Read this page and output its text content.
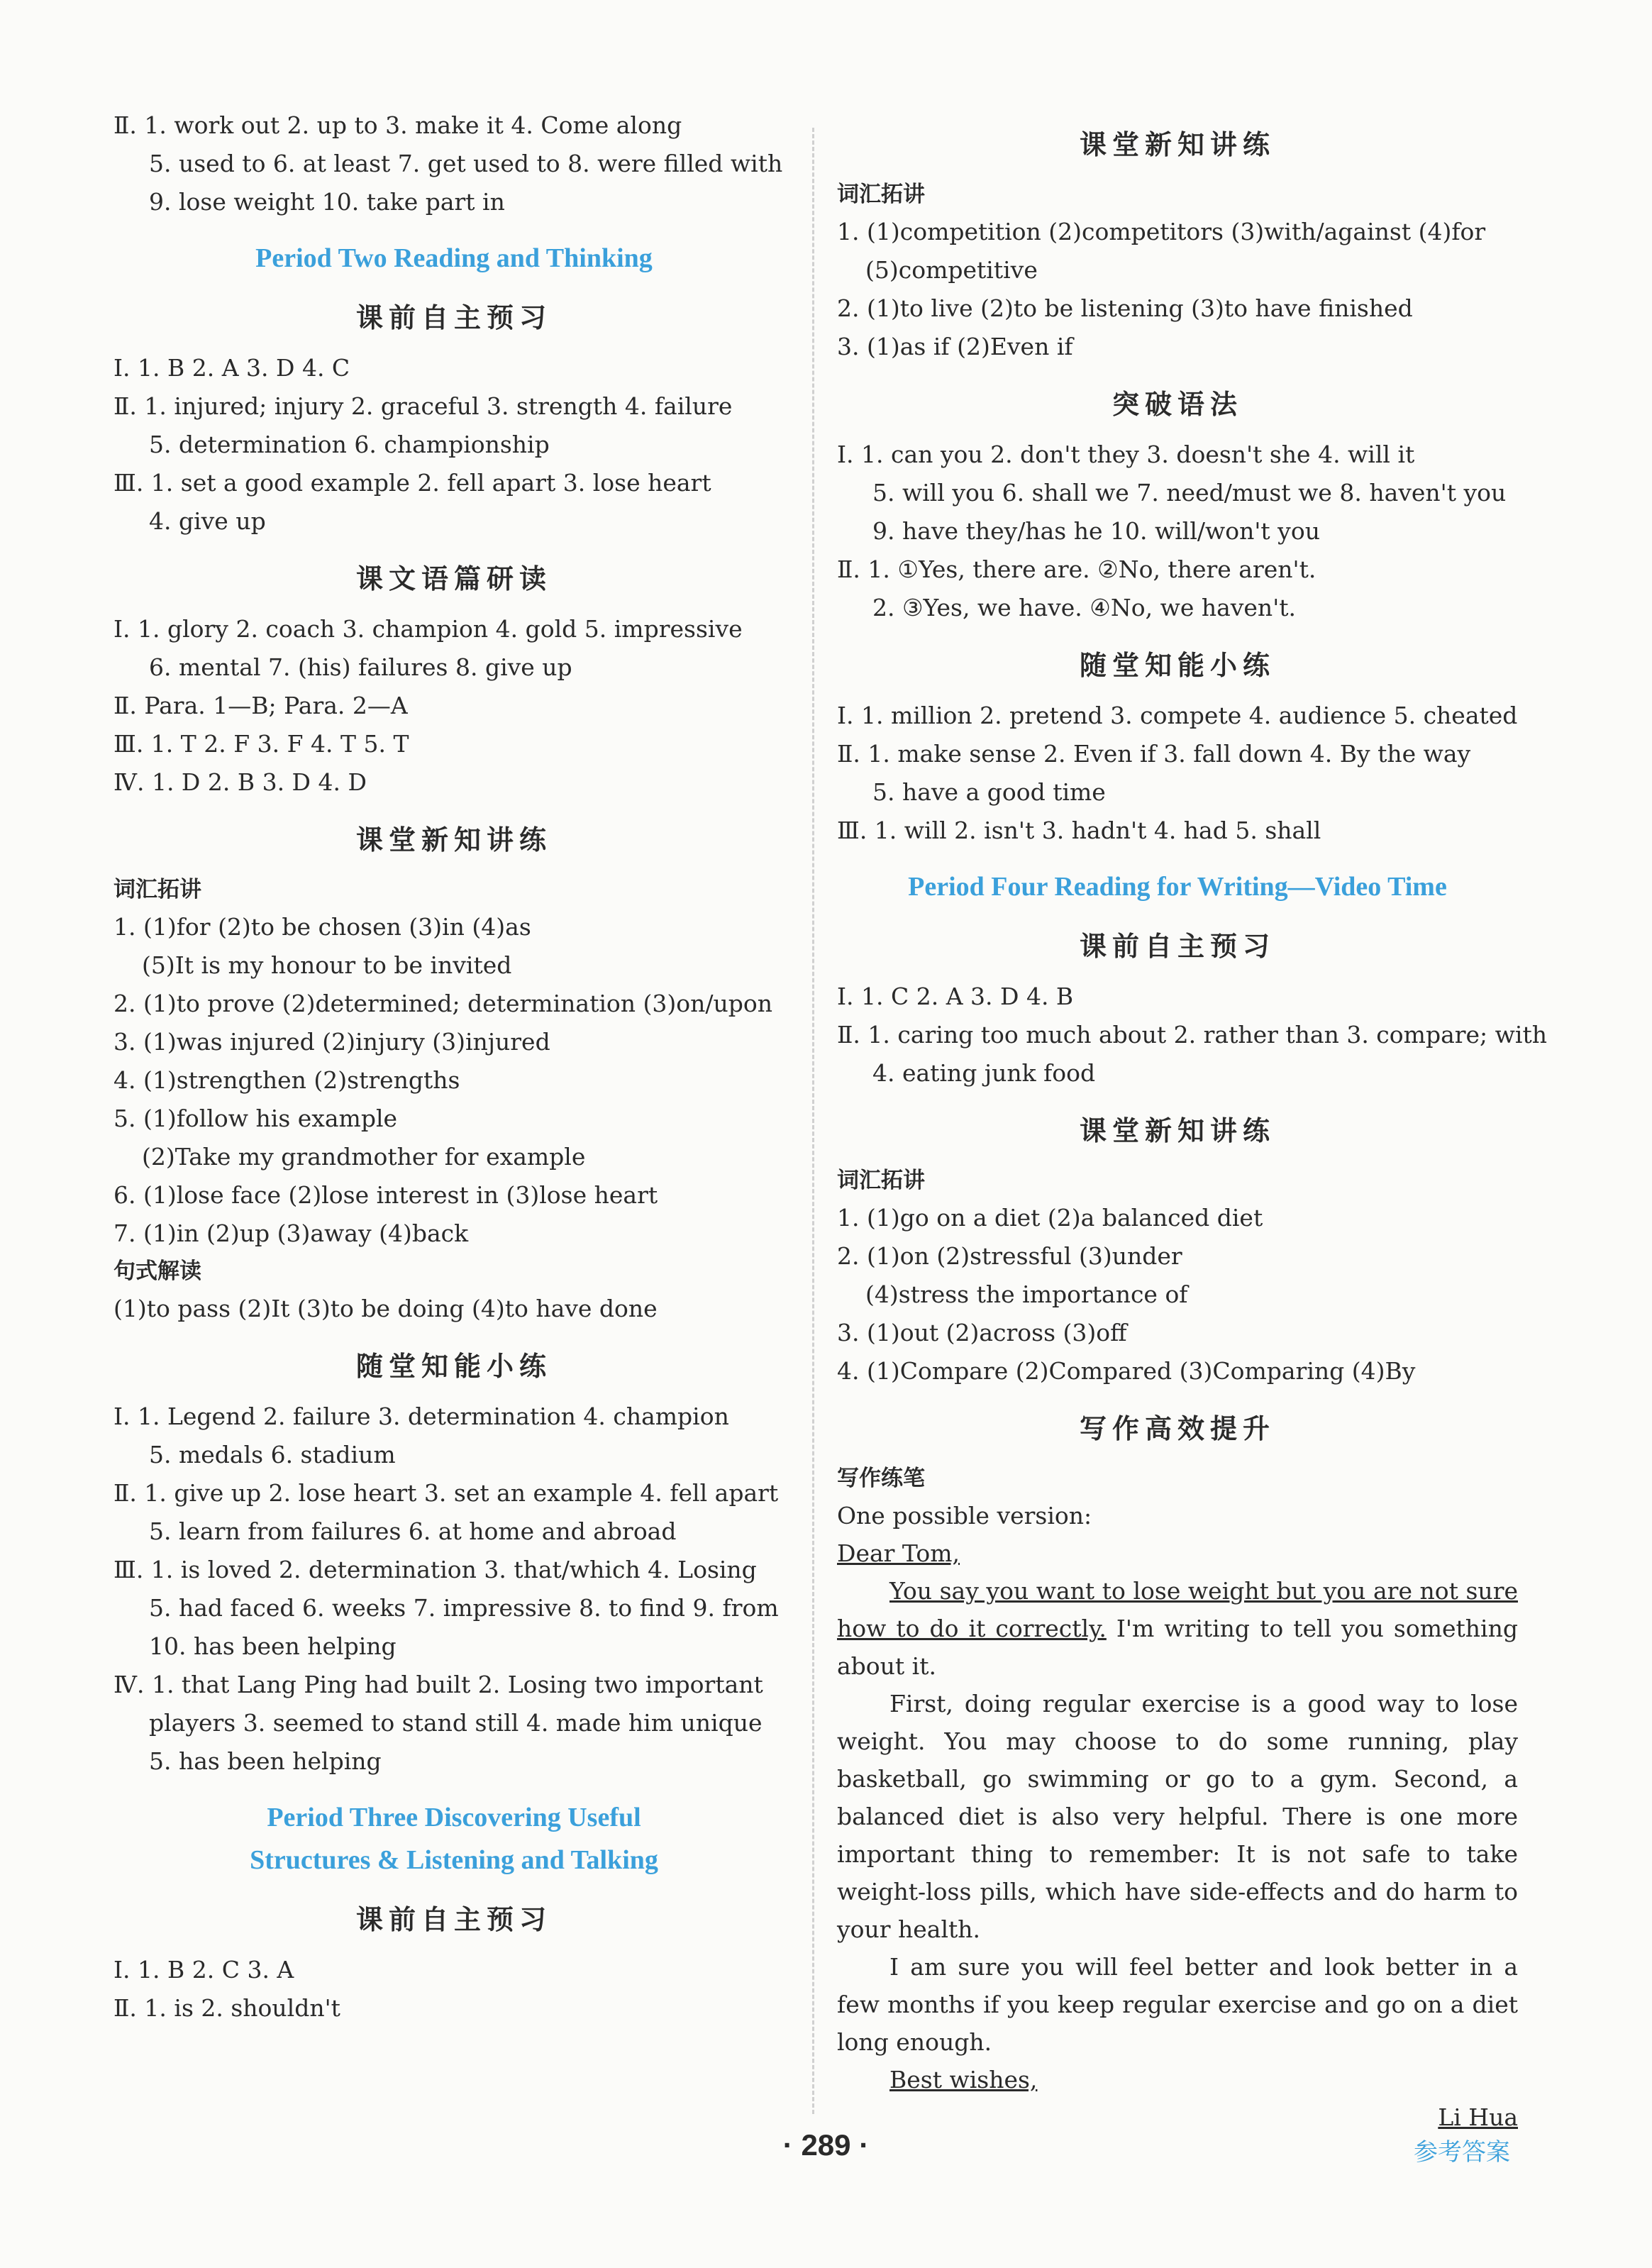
Ⅱ. 1. work out 2. up to 3. make it 4. Come along
5. used to 6. at least 7. get used to 8. were filled with
9. lose weight 10. take part in
Period Two Reading and Thinking
课前自主预习
Ⅰ. 1. B 2. A 3. D 4. C
Ⅱ. 1. injured; injury 2. graceful 3. strength 4. failure
5. determination 6. championship
Ⅲ. 1. set a good example 2. fell apart 3. lose heart
4. give up
课文语篇研读
Ⅰ. 1. glory 2. coach 3. champion 4. gold 5. impressive
6. mental 7. (his) failures 8. give up
Ⅱ. Para. 1—B; Para. 2—A
Ⅲ. 1. T 2. F 3. F 4. T 5. T
Ⅳ. 1. D 2. B 3. D 4. D
课堂新知讲练
词汇拓讲
1. (1)for (2)to be chosen (3)in (4)as
(5)It is my honour to be invited
2. (1)to prove (2)determined; determination (3)on/upon
3. (1)was injured (2)injury (3)injured
4. (1)strengthen (2)strengths
5. (1)follow his example
(2)Take my grandmother for example
6. (1)lose face (2)lose interest in (3)lose heart
7. (1)in (2)up (3)away (4)back
句式解读
(1)to pass (2)It (3)to be doing (4)to have done
随堂知能小练
Ⅰ. 1. Legend 2. failure 3. determination 4. champion
5. medals 6. stadium
Ⅱ. 1. give up 2. lose heart 3. set an example 4. fell apart
5. learn from failures 6. at home and abroad
Ⅲ. 1. is loved 2. determination 3. that/which 4. Losing
5. had faced 6. weeks 7. impressive 8. to find 9. from
10. has been helping
Ⅳ. 1. that Lang Ping had built 2. Losing two important
players 3. seemed to stand still 4. made him unique
5. has been helping
Period Three Discovering Useful
Structures & Listening and Talking
课前自主预习
Ⅰ. 1. B 2. C 3. A
Ⅱ. 1. is 2. shouldn't
课堂新知讲练
词汇拓讲
1. (1)competition (2)competitors (3)with/against (4)for
(5)competitive
2. (1)to live (2)to be listening (3)to have finished
3. (1)as if (2)Even if
突破语法
Ⅰ. 1. can you 2. don't they 3. doesn't she 4. will it
5. will you 6. shall we 7. need/must we 8. haven't you
9. have they/has he 10. will/won't you
Ⅱ. 1. ①Yes, there are. ②No, there aren't.
2. ③Yes, we have. ④No, we haven't.
随堂知能小练
Ⅰ. 1. million 2. pretend 3. compete 4. audience 5. cheated
Ⅱ. 1. make sense 2. Even if 3. fall down 4. By the way
5. have a good time
Ⅲ. 1. will 2. isn't 3. hadn't 4. had 5. shall
Period Four Reading for Writing—Video Time
课前自主预习
Ⅰ. 1. C 2. A 3. D 4. B
Ⅱ. 1. caring too much about 2. rather than 3. compare; with
4. eating junk food
课堂新知讲练
词汇拓讲
1. (1)go on a diet (2)a balanced diet
2. (1)on (2)stressful (3)under
(4)stress the importance of
3. (1)out (2)across (3)off
4. (1)Compare (2)Compared (3)Comparing (4)By
写作高效提升
写作练笔

One possible version:

Dear Tom,

You say you want to lose weight but you are not sure how to do it correctly. I'm writing to tell you something about it.

First, doing regular exercise is a good way to lose weight. You may choose to do some running, play basketball, go swimming or go to a gym. Second, a balanced diet is also very helpful. There is one more important thing to remember: It is not safe to take weight-loss pills, which have side-effects and do harm to your health.

I am sure you will feel better and look better in a few months if you keep regular exercise and go on a diet long enough.

Best wishes,

Li Hua
· 289 ·	参考答案
